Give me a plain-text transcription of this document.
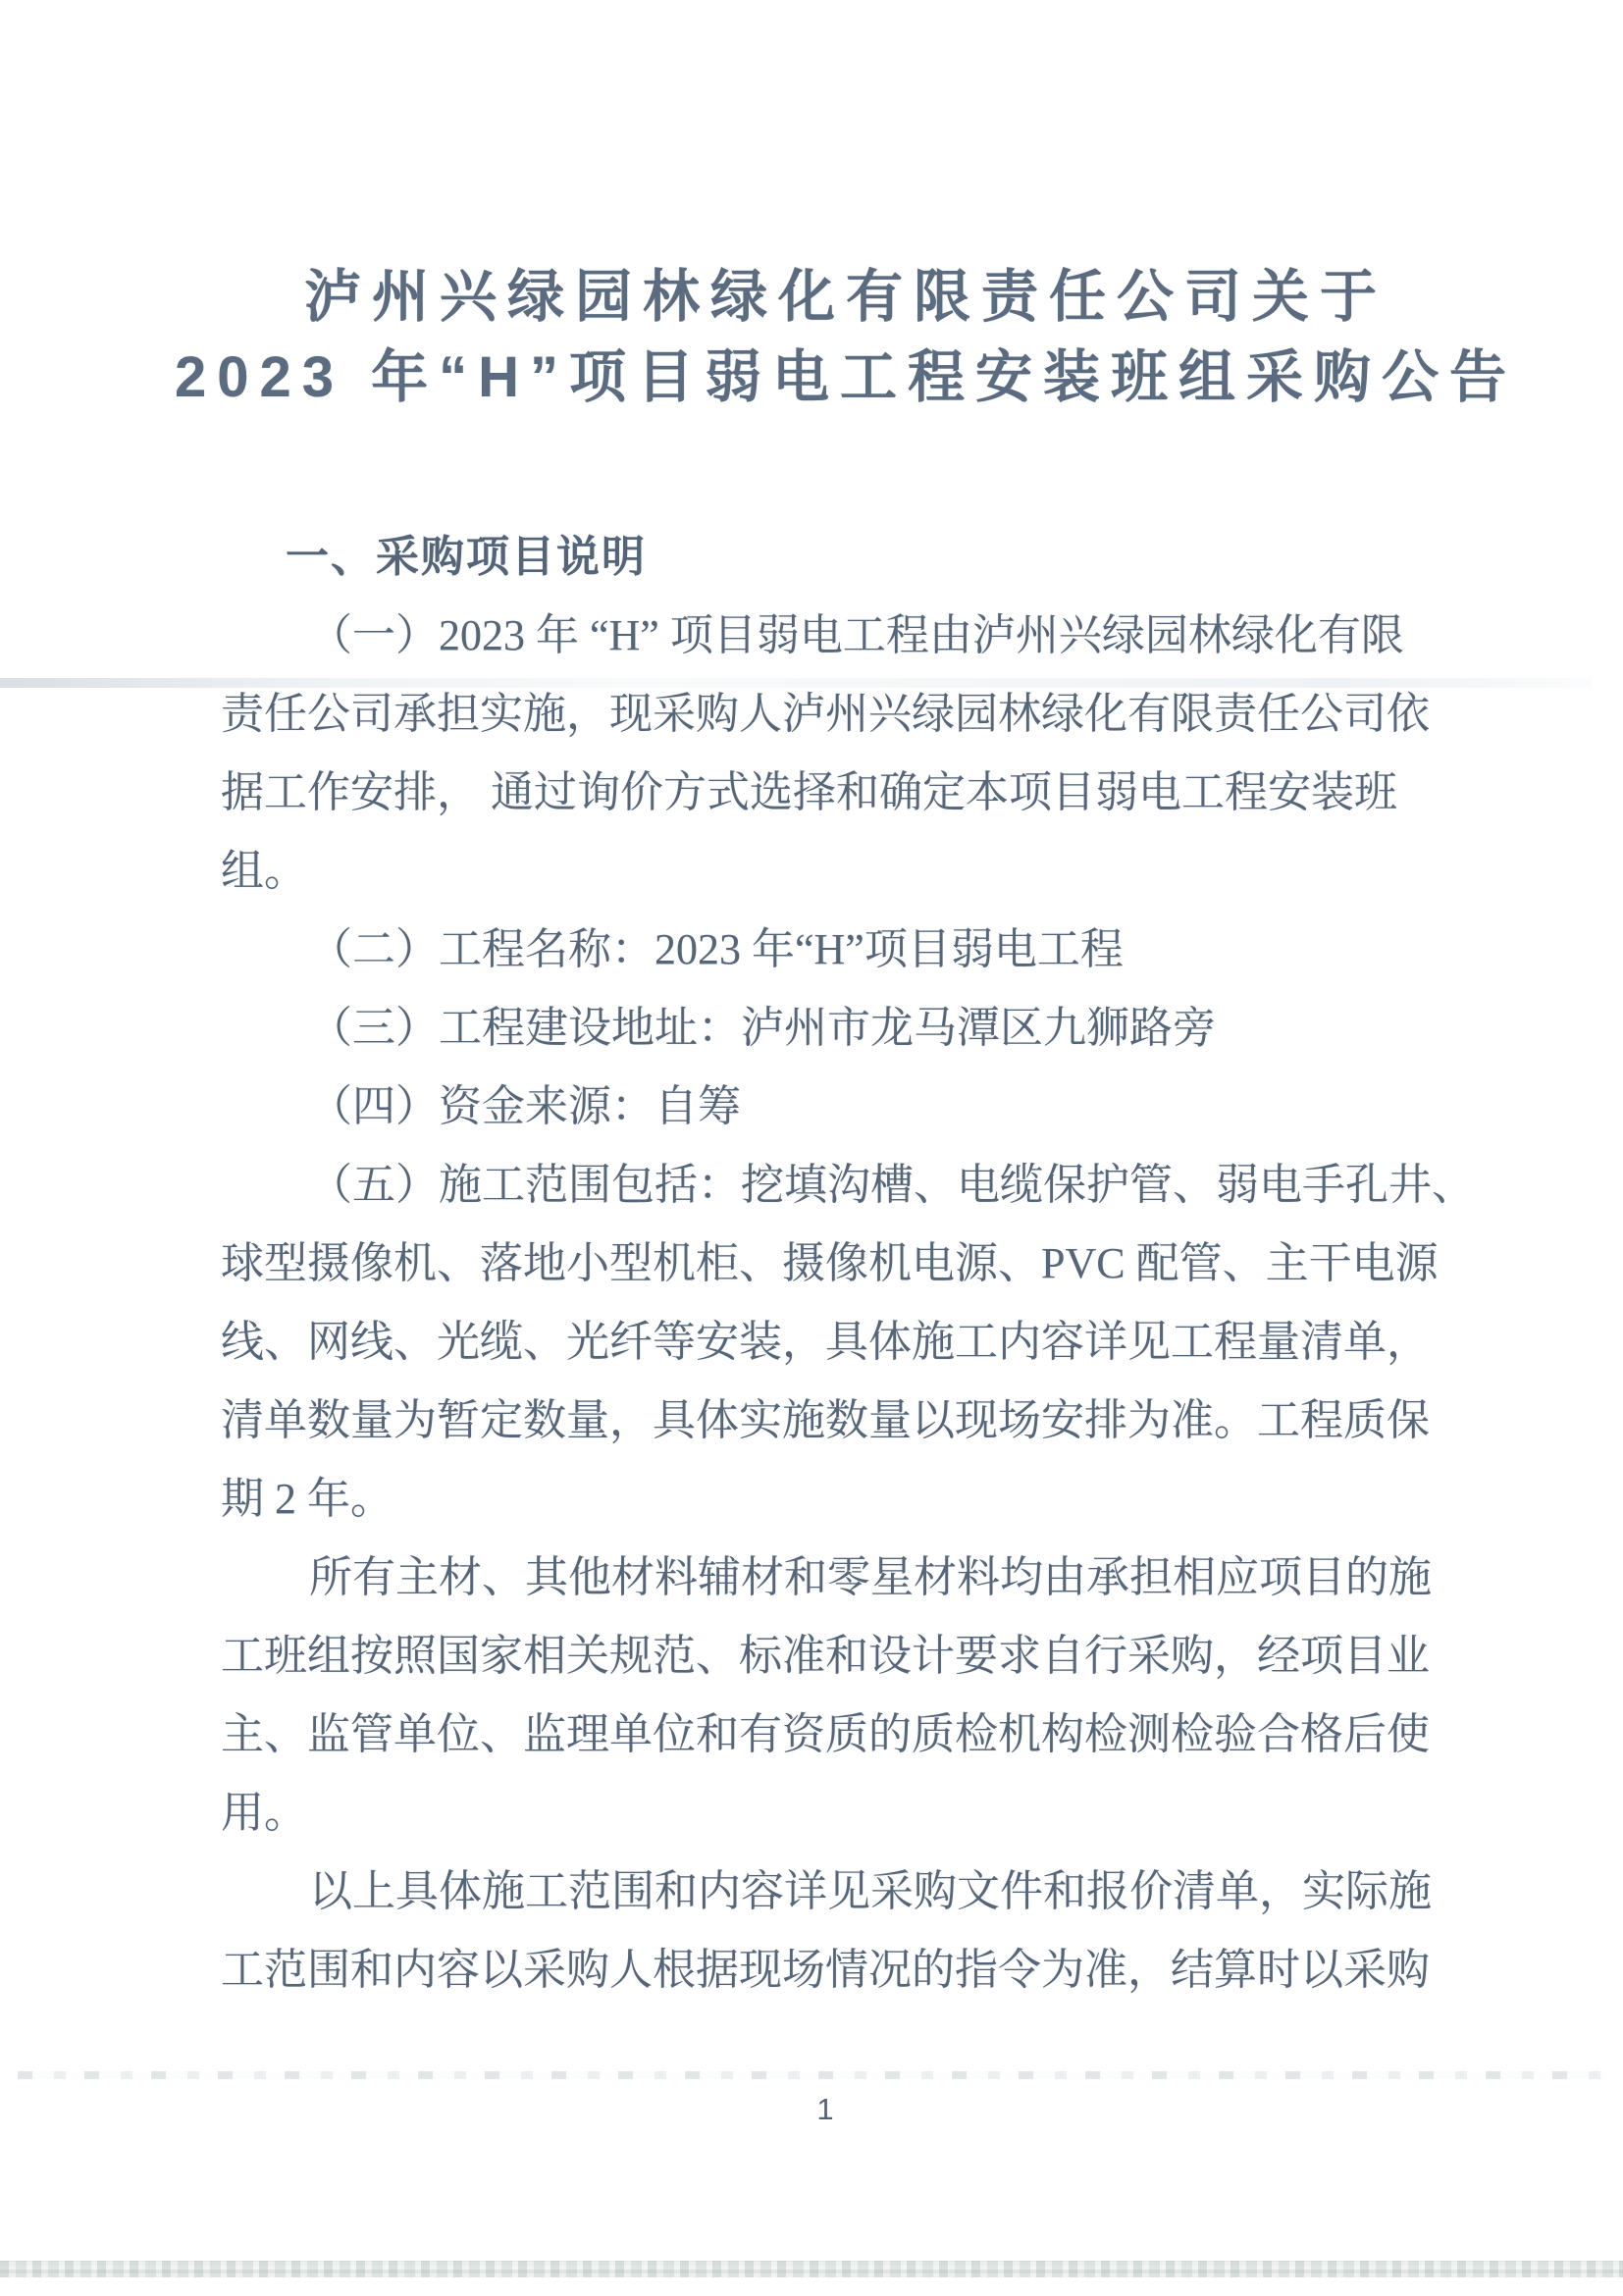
泸州兴绿园林绿化有限责任公司关于
2023 年“H”项目弱电工程安装班组采购公告
一、采购项目说明
（一）2023 年 “H” 项目弱电工程由泸州兴绿园林绿化有限
责任公司承担实施，现采购人泸州兴绿园林绿化有限责任公司依
据工作安排， 通过询价方式选择和确定本项目弱电工程安装班
组。
（二）工程名称：2023 年“H”项目弱电工程
（三）工程建设地址：泸州市龙马潭区九狮路旁
（四）资金来源：自筹
（五）施工范围包括：挖填沟槽、电缆保护管、弱电手孔井、
球型摄像机、落地小型机柜、摄像机电源、PVC 配管、主干电源
线、网线、光缆、光纤等安装，具体施工内容详见工程量清单，
清单数量为暂定数量，具体实施数量以现场安排为准。工程质保
期 2 年。
所有主材、其他材料辅材和零星材料均由承担相应项目的施
工班组按照国家相关规范、标准和设计要求自行采购，经项目业
主、监管单位、监理单位和有资质的质检机构检测检验合格后使
用。
以上具体施工范围和内容详见采购文件和报价清单，实际施
工范围和内容以采购人根据现场情况的指令为准，结算时以采购
1
